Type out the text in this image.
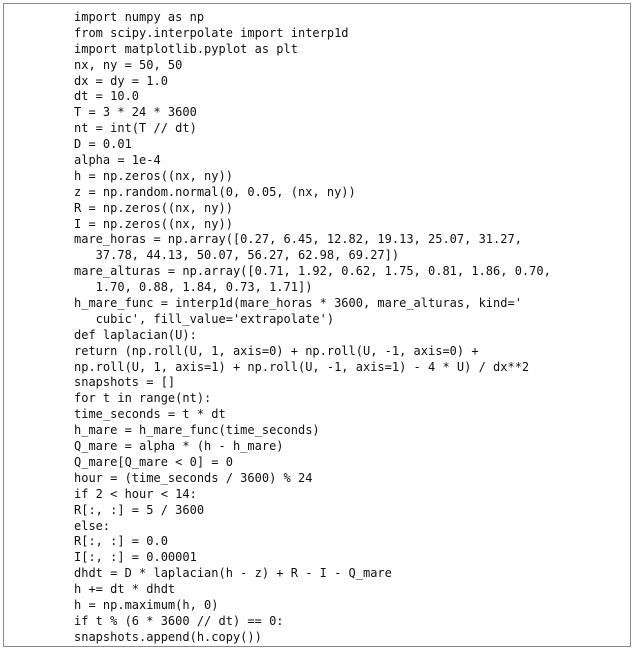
import numpy as np
from scipy.interpolate import interp1d
import matplotlib.pyplot as plt
nx, ny = 50, 50
dx = dy = 1.0
dt = 10.0
T = 3 * 24 * 3600
nt = int(T // dt)
D = 0.01
alpha = 1e-4
h = np.zeros((nx, ny))
z = np.random.normal(0, 0.05, (nx, ny))
R = np.zeros((nx, ny))
I = np.zeros((nx, ny))
mare_horas = np.array([0.27, 6.45, 12.82, 19.13, 25.07, 31.27,
37.78, 44.13, 50.07, 56.27, 62.98, 69.27])
mare_alturas = np.array([0.71, 1.92, 0.62, 1.75, 0.81, 1.86, 0.70,
1.70, 0.88, 1.84, 0.73, 1.71])
h_mare_func = interp1d(mare_horas * 3600, mare_alturas, kind='
cubic', fill_value='extrapolate')
def laplacian(U):
return (np.roll(U, 1, axis=0) + np.roll(U, -1, axis=0) +
np.roll(U, 1, axis=1) + np.roll(U, -1, axis=1) - 4 * U) / dx**2
snapshots = []
for t in range(nt):
time_seconds = t * dt
h_mare = h_mare_func(time_seconds)
Q_mare = alpha * (h - h_mare)
Q_mare[Q_mare < 0] = 0
hour = (time_seconds / 3600) % 24
if 2 < hour < 14:
R[:, :] = 5 / 3600
else:
R[:, :] = 0.0
I[:, :] = 0.00001
dhdt = D * laplacian(h - z) + R - I - Q_mare
h += dt * dhdt
h = np.maximum(h, 0)
if t % (6 * 3600 // dt) == 0:
snapshots.append(h.copy())
